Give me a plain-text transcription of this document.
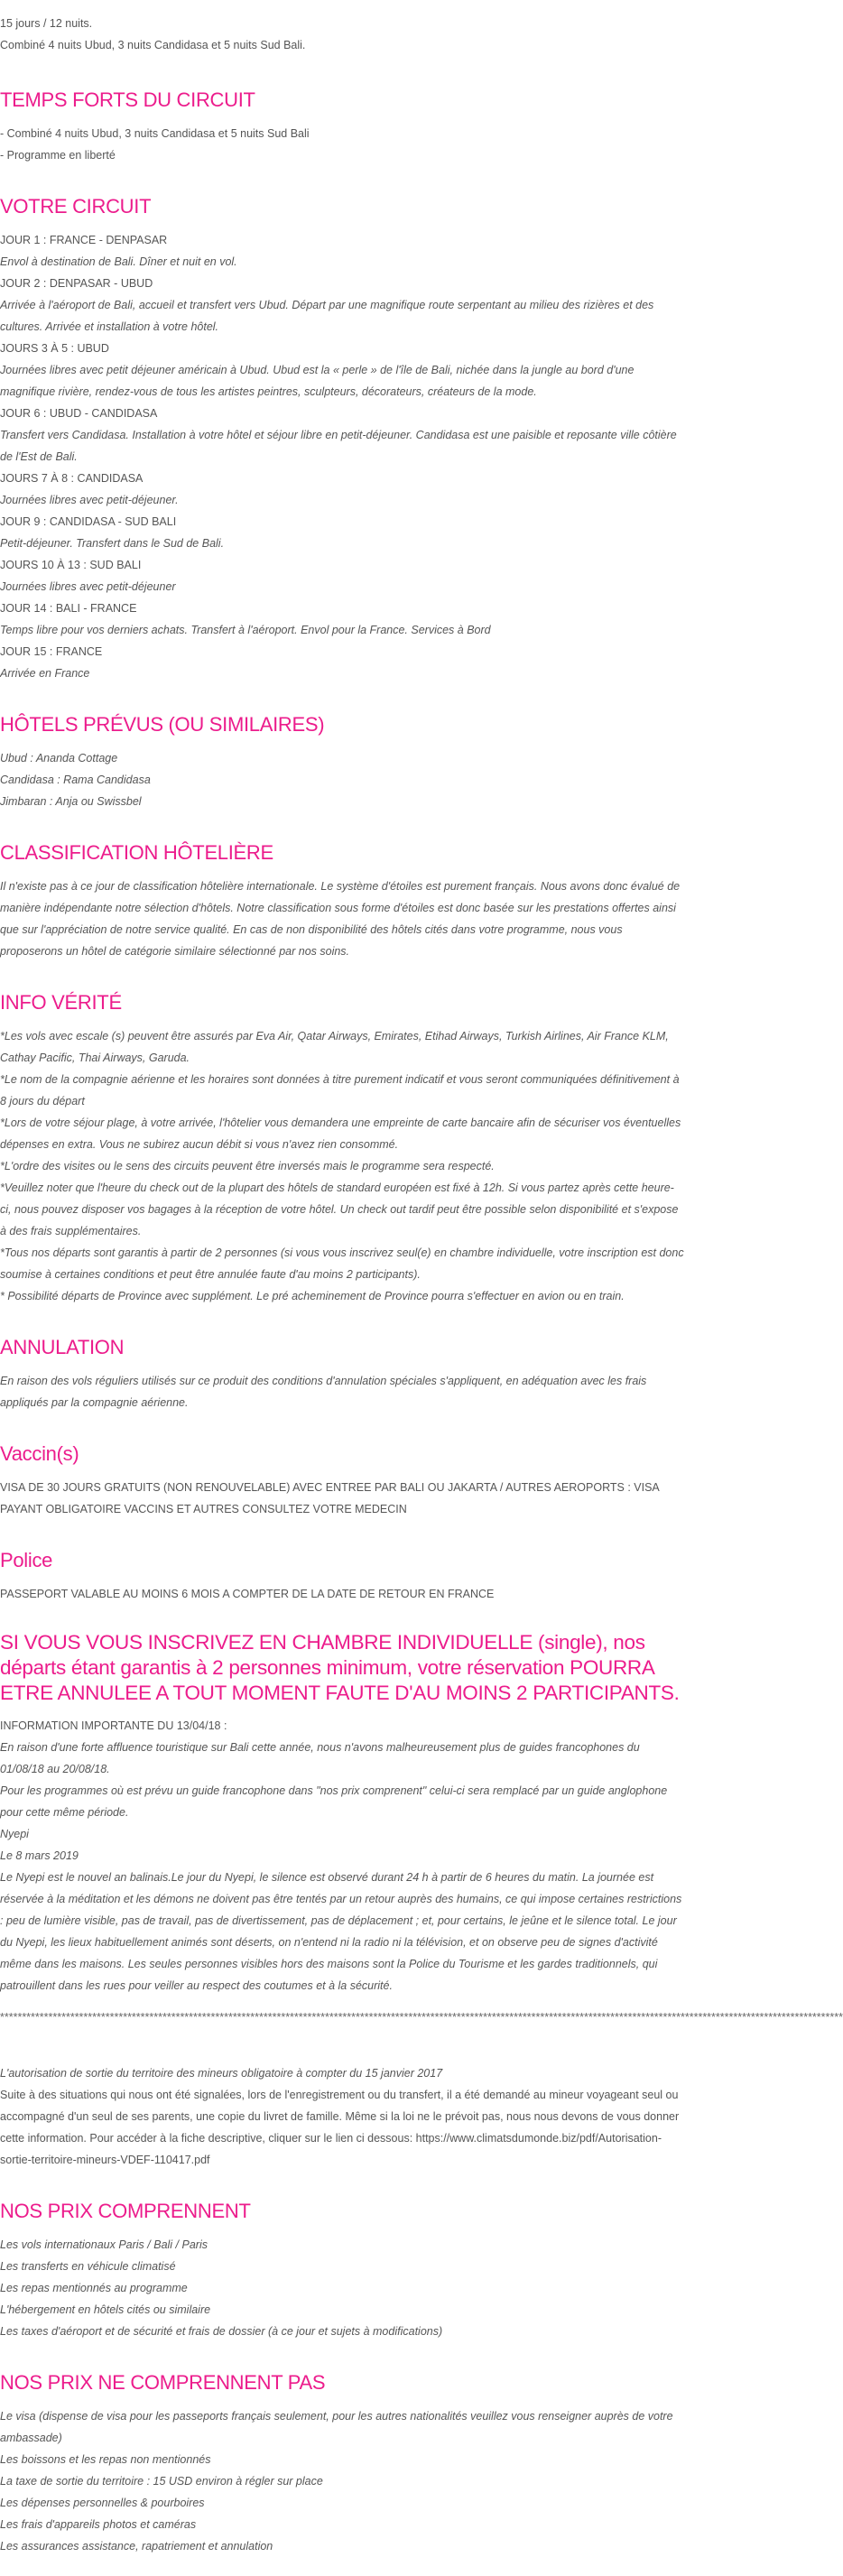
15 jours / 12 nuits.

Combiné 4 nuits Ubud, 3 nuits Candidasa et 5 nuits Sud Bali.

TEMPS FORTS DU CIRCUIT

- Combiné 4 nuits Ubud, 3 nuits Candidasa et 5 nuits Sud Bali

- Programme en liberté

VOTRE CIRCUIT

JOUR 1 : FRANCE - DENPASAR

Envol à destination de Bali. Dîner et nuit en vol.

JOUR 2 : DENPASAR - UBUD

Arrivée à l'aéroport de Bali, accueil et transfert vers Ubud. Départ par une magnifique route serpentant au milieu des rizières et des cultures. Arrivée et installation à votre hôtel.

JOURS 3 À 5 : UBUD

Journées libres avec petit déjeuner américain à Ubud. Ubud est la « perle » de l'île de Bali, nichée dans la jungle au bord d'une magnifique rivière, rendez-vous de tous les artistes peintres, sculpteurs, décorateurs, créateurs de la mode.

JOUR 6 : UBUD - CANDIDASA

Transfert vers Candidasa. Installation à votre hôtel et séjour libre en petit-déjeuner. Candidasa est une paisible et reposante ville côtière de l'Est de Bali.

JOURS 7 À 8 : CANDIDASA

Journées libres avec petit-déjeuner.

JOUR 9 : CANDIDASA - SUD BALI

Petit-déjeuner. Transfert dans le Sud de Bali.

JOURS 10 À 13 : SUD BALI

Journées libres avec petit-déjeuner

JOUR 14 : BALI - FRANCE

Temps libre pour vos derniers achats. Transfert à l'aéroport. Envol pour la France. Services à Bord

JOUR 15 : FRANCE

Arrivée en France

HÔTELS PRÉVUS (OU SIMILAIRES)

Ubud : Ananda Cottage

Candidasa : Rama Candidasa

Jimbaran : Anja ou Swissbel

CLASSIFICATION HÔTELIÈRE

Il n'existe pas à ce jour de classification hôtelière internationale. Le système d'étoiles est purement français. Nous avons donc évalué de manière indépendante notre sélection d'hôtels. Notre classification sous forme d'étoiles est donc basée sur les prestations offertes ainsi que sur l'appréciation de notre service qualité. En cas de non disponibilité des hôtels cités dans votre programme, nous vous proposerons un hôtel de catégorie similaire sélectionné par nos soins.

INFO VÉRITÉ

*Les vols avec escale (s) peuvent être assurés par Eva Air, Qatar Airways, Emirates, Etihad Airways, Turkish Airlines, Air France KLM, Cathay Pacific, Thai Airways, Garuda.

*Le nom de la compagnie aérienne et les horaires sont données à titre purement indicatif et vous seront communiquées définitivement à 8 jours du départ

*Lors de votre séjour plage, à votre arrivée, l'hôtelier vous demandera une empreinte de carte bancaire afin de sécuriser vos éventuelles dépenses en extra. Vous ne subirez aucun débit si vous n'avez rien consommé.

*L'ordre des visites ou le sens des circuits peuvent être inversés mais le programme sera respecté.

*Veuillez noter que l'heure du check out de la plupart des hôtels de standard européen est fixé à 12h. Si vous partez après cette heure-ci, nous pouvez disposer vos bagages à la réception de votre hôtel. Un check out tardif peut être possible selon disponibilité et s'expose à des frais supplémentaires.

*Tous nos départs sont garantis à partir de 2 personnes (si vous vous inscrivez seul(e) en chambre individuelle, votre inscription est donc soumise à certaines conditions et peut être annulée faute d'au moins 2 participants).

* Possibilité départs de Province avec supplément. Le pré acheminement de Province pourra s'effectuer en avion ou en train.

ANNULATION

En raison des vols réguliers utilisés sur ce produit des conditions d'annulation spéciales s'appliquent, en adéquation avec les frais appliqués par la compagnie aérienne.

Vaccin(s)

VISA DE 30 JOURS GRATUITS (NON RENOUVELABLE) AVEC ENTREE PAR BALI OU JAKARTA / AUTRES AEROPORTS : VISA PAYANT OBLIGATOIRE VACCINS ET AUTRES CONSULTEZ VOTRE MEDECIN

Police

PASSEPORT VALABLE AU MOINS 6 MOIS A COMPTER DE LA DATE DE RETOUR EN FRANCE

SI VOUS VOUS INSCRIVEZ EN CHAMBRE INDIVIDUELLE (single), nos départs étant garantis à 2 personnes minimum, votre réservation POURRA ETRE ANNULEE A TOUT MOMENT FAUTE D'AU MOINS 2 PARTICIPANTS.

INFORMATION IMPORTANTE DU 13/04/18 :

En raison d'une forte affluence touristique sur Bali cette année, nous n'avons malheureusement plus de guides francophones du 01/08/18 au 20/08/18.

Pour les programmes où est prévu un guide francophone dans "nos prix comprenent" celui-ci sera remplacé par un guide anglophone pour cette même période.

Nyepi

Le 8 mars 2019

Le Nyepi est le nouvel an balinais.Le jour du Nyepi, le silence est observé durant 24 h à partir de 6 heures du matin. La journée est réservée à la méditation et les démons ne doivent pas être tentés par un retour auprès des humains, ce qui impose certaines restrictions : peu de lumière visible, pas de travail, pas de divertissement, pas de déplacement ; et, pour certains, le jeûne et le silence total. Le jour du Nyepi, les lieux habituellement animés sont déserts, on n'entend ni la radio ni la télévision, et on observe peu de signes d'activité même dans les maisons. Les seules personnes visibles hors des maisons sont la Police du Tourisme et les gardes traditionnels, qui patrouillent dans les rues pour veiller au respect des coutumes et à la sécurité.

************************************************************************************************************************************************************************************************

L'autorisation de sortie du territoire des mineurs obligatoire à compter du 15 janvier 2017

Suite à des situations qui nous ont été signalées, lors de l'enregistrement ou du transfert, il a été demandé au mineur voyageant seul ou accompagné d'un seul de ses parents, une copie du livret de famille. Même si la loi ne le prévoit pas, nous nous devons de vous donner cette information. Pour accéder à la fiche descriptive, cliquer sur le lien ci dessous: https://www.climatsdumonde.biz/pdf/Autorisation-sortie-territoire-mineurs-VDEF-110417.pdf

NOS PRIX COMPRENNENT

Les vols internationaux Paris / Bali / Paris

Les transferts en véhicule climatisé

Les repas mentionnés au programme

L'hébergement en hôtels cités ou similaire

Les taxes d'aéroport et de sécurité et frais de dossier (à ce jour et sujets à modifications)

NOS PRIX NE COMPRENNENT PAS

Le visa (dispense de visa pour les passeports français seulement, pour les autres nationalités veuillez vous renseigner auprès de votre ambassade)

Les boissons et les repas non mentionnés

La taxe de sortie du territoire : 15 USD environ à régler sur place

Les dépenses personnelles & pourboires

Les frais d'appareils photos et caméras

Les assurances assistance, rapatriement et annulation
